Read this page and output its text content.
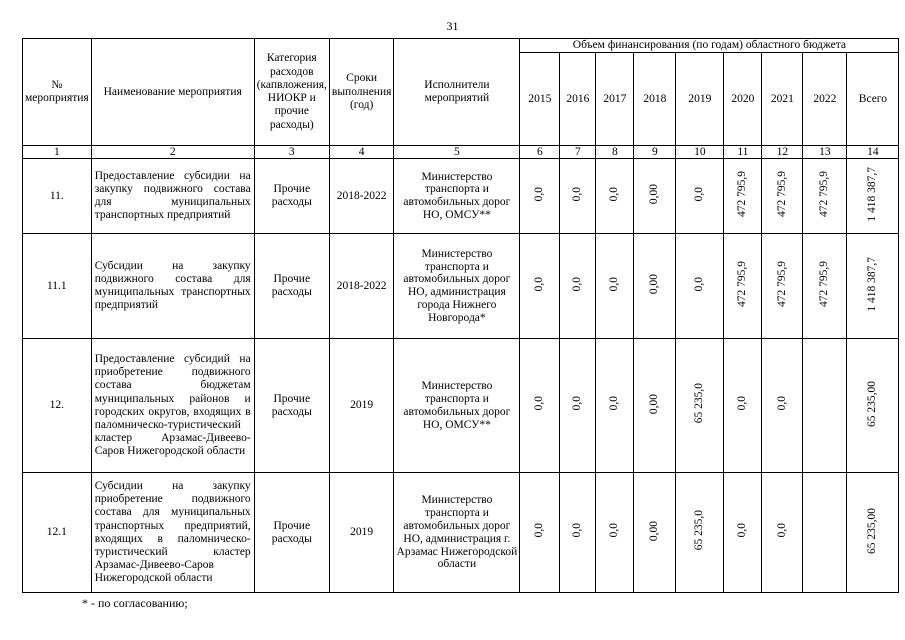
31
№ мероприятия	Наименование мероприятия	Категория расходов (капвложения, НИОКР и прочие расходы)	Сроки выполнения (год)	Исполнители мероприятий	Объем финансирования (по годам) областного бюджета								
					2015	2016	2017	2018	2019	2020	2021	2022	Всего
1	2	3	4	5	6	7	8	9	10	11	12	13	14
11.	Предоставление субсидии на закупку подвижного состава для муниципальных транспортных предприятий	Прочие расходы	2018-2022	Министерство транспорта и автомобильных дорог НО, ОМСУ**	0,0	0,0	0,0	0,00	0,0	472 795,9	472 795,9	472 795,9	1 418 387,7
11.1	Субсидии на закупку подвижного состава для муниципальных транспортных предприятий	Прочие расходы	2018-2022	Министерство транспорта и автомобильных дорог НО, администрация города Нижнего Новгорода*	0,0	0,0	0,0	0,00	0,0	472 795,9	472 795,9	472 795,9	1 418 387,7
12.	Предоставление субсидий на приобретение подвижного состава бюджетам муниципальных районов и городских округов, входящих в паломническо-туристический кластер Арзамас-Дивеево-Саров Нижегородской области	Прочие расходы	2019	Министерство транспорта и автомобильных дорог НО, ОМСУ**	0,0	0,0	0,0	0,00	65 235,0	0,0	0,0		65 235,00
12.1	Субсидии на закупку приобретение подвижного состава для муниципальных транспортных предприятий, входящих в паломническо-туристический кластер Арзамас-Дивеево-Саров Нижегородской области	Прочие расходы	2019	Министерство транспорта и автомобильных дорог НО, администрация г. Арзамас Нижегородской области	0,0	0,0	0,0	0,00	65 235,0	0,0	0,0		65 235,00
* - по согласованию;
